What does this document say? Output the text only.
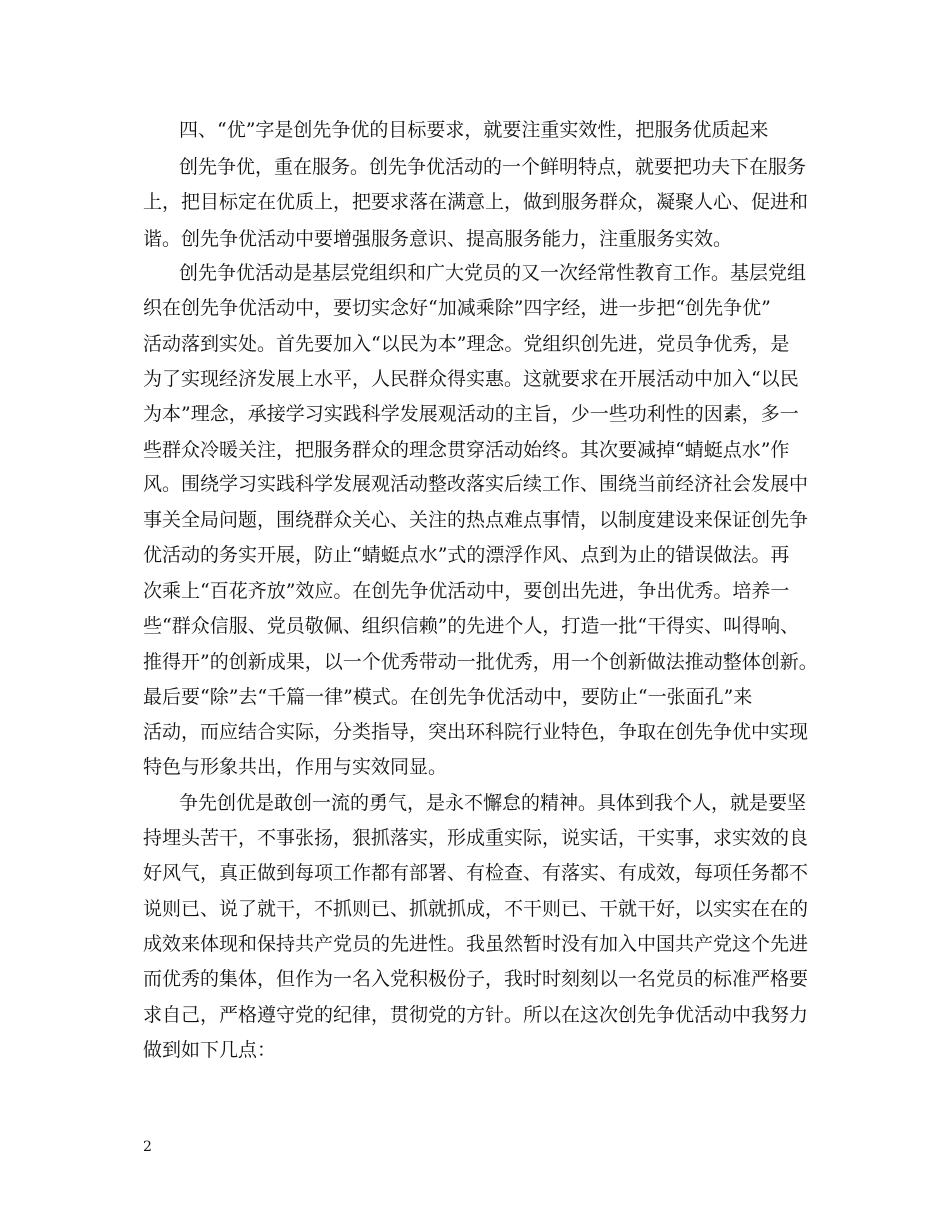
四、“优”字是创先争优的目标要求，就要注重实效性，把服务优质起来
创先争优，重在服务。创先争优活动的一个鲜明特点，就要把功夫下在服务
上，把目标定在优质上，把要求落在满意上，做到服务群众，凝聚人心、促进和
谐。创先争优活动中要增强服务意识、提高服务能力，注重服务实效。
创先争优活动是基层党组织和广大党员的又一次经常性教育工作。基层党组
织在创先争优活动中，要切实念好“加减乘除”四字经，进一步把“创先争优”
活动落到实处。首先要加入“以民为本”理念。党组织创先进，党员争优秀，是
为了实现经济发展上水平，人民群众得实惠。这就要求在开展活动中加入“以民
为本”理念，承接学习实践科学发展观活动的主旨，少一些功利性的因素，多一
些群众冷暖关注，把服务群众的理念贯穿活动始终。其次要减掉“蜻蜓点水”作
风。围绕学习实践科学发展观活动整改落实后续工作、围绕当前经济社会发展中
事关全局问题，围绕群众关心、关注的热点难点事情，以制度建设来保证创先争
优活动的务实开展，防止“蜻蜓点水”式的漂浮作风、点到为止的错误做法。再
次乘上“百花齐放”效应。在创先争优活动中，要创出先进，争出优秀。培养一
些“群众信服、党员敬佩、组织信赖”的先进个人，打造一批“干得实、叫得响、
推得开”的创新成果，以一个优秀带动一批优秀，用一个创新做法推动整体创新。
最后要“除”去“千篇一律”模式。在创先争优活动中，要防止“一张面孔”来
活动，而应结合实际，分类指导，突出环科院行业特色，争取在创先争优中实现
特色与形象共出，作用与实效同显。
争先创优是敢创一流的勇气，是永不懈怠的精神。具体到我个人，就是要坚
持埋头苦干，不事张扬，狠抓落实，形成重实际，说实话，干实事，求实效的良
好风气，真正做到每项工作都有部署、有检查、有落实、有成效，每项任务都不
说则已、说了就干，不抓则已、抓就抓成，不干则已、干就干好，以实实在在的
成效来体现和保持共产党员的先进性。我虽然暂时没有加入中国共产党这个先进
而优秀的集体，但作为一名入党积极份子，我时时刻刻以一名党员的标准严格要
求自己，严格遵守党的纪律，贯彻党的方针。所以在这次创先争优活动中我努力
做到如下几点：
2
